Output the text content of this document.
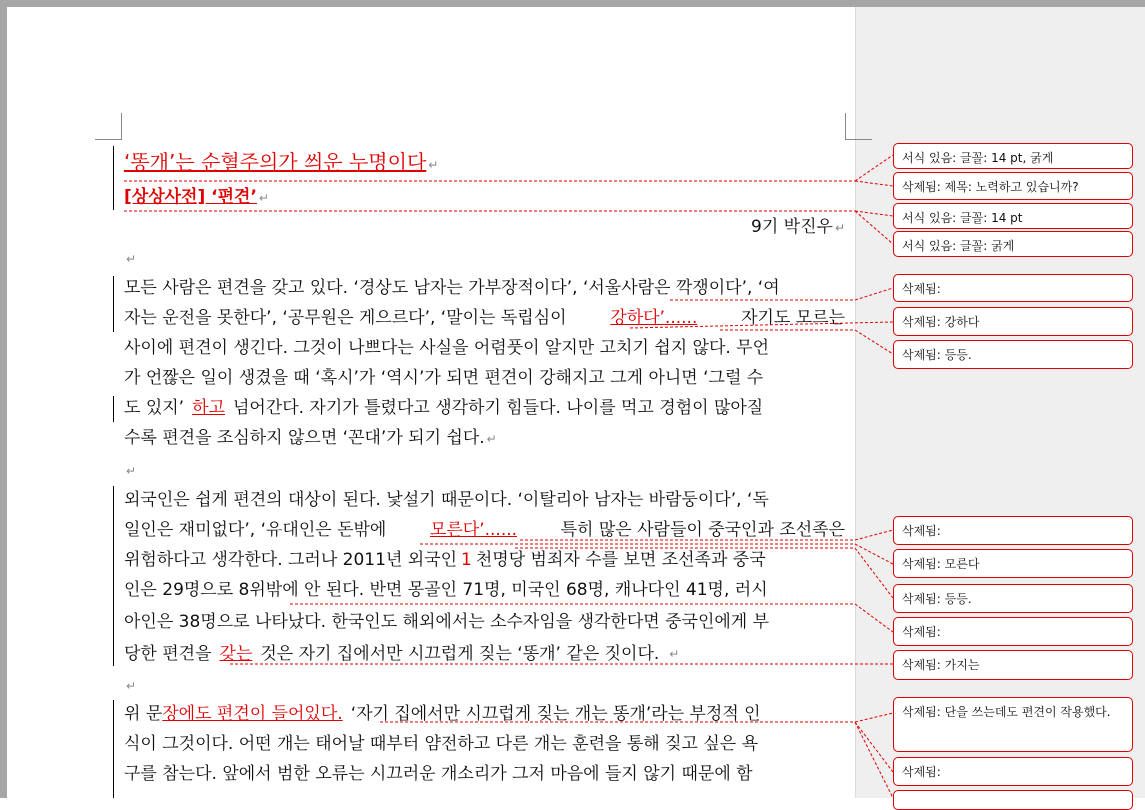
‘똥개’는 순혈주의가 씌운 누명이다 ↵
[상상사전] ‘편견’ ↵
9기 박진우 ↵
↵
모든 사람은 편견을 갖고 있다. ‘경상도 남자는 가부장적이다’, ‘서울사람은 깍쟁이다’, ‘여
자는 운전을 못한다’, ‘공무원은 게으르다’, ‘말이는 독립심이	강하다’......	자기도 모르는
사이에 편견이 생긴다. 그것이 나쁘다는 사실을 어렴풋이 알지만 고치기 쉽지 않다. 무언
가 언짢은 일이 생겼을 때 ‘혹시’가 ‘역시’가 되면 편견이 강해지고 그게 아니면 ‘그럴 수
도 있지’ 하고 넘어간다. 자기가 틀렸다고 생각하기 힘들다. 나이를 먹고 경험이 많아질
수록 편견을 조심하지 않으면 ‘꼰대’가 되기 쉽다. ↵
↵
외국인은 쉽게 편견의 대상이 된다. 낯설기 때문이다. ‘이탈리아 남자는 바람둥이다’, ‘독
일인은 재미없다’, ‘유대인은 돈밖에	모른다’......	특히 많은 사람들이 중국인과 조선족은
위험하다고 생각한다. 그러나 2011년 외국인 1 천명당 범죄자 수를 보면 조선족과 중국
인은 29명으로 8위밖에 안 된다. 반면 몽골인 71명, 미국인 68명, 캐나다인 41명, 러시
아인은 38명으로 나타났다. 한국인도 해외에서는 소수자임을 생각한다면 중국인에게 부
당한 편견을 갖는 것은 자기 집에서만 시끄럽게 짖는 ‘똥개’ 같은 짓이다. ↵
↵
위 문 장에도 편견이 들어있다. ‘자기 집에서만 시끄럽게 짖는 개는 똥개’라는 부정적 인
식이 그것이다. 어떤 개는 태어날 때부터 얌전하고 다른 개는 훈련을 통해 짖고 싶은 욕
구를 참는다. 앞에서 범한 오류는 시끄러운 개소리가 그저 마음에 들지 않기 때문에 함
서식 있음: 글꼴: 14 pt, 굵게
삭제됨: 제목: 노력하고 있습니까?
서식 있음: 글꼴: 14 pt
서식 있음: 글꼴: 굵게
삭제됨:
삭제됨: 강하다
삭제됨: 등등.
삭제됨:
삭제됨: 모른다
삭제됨: 등등.
삭제됨:
삭제됨: 가지는
삭제됨: 단을 쓰는데도 편견이 작용했다.
삭제됨:
